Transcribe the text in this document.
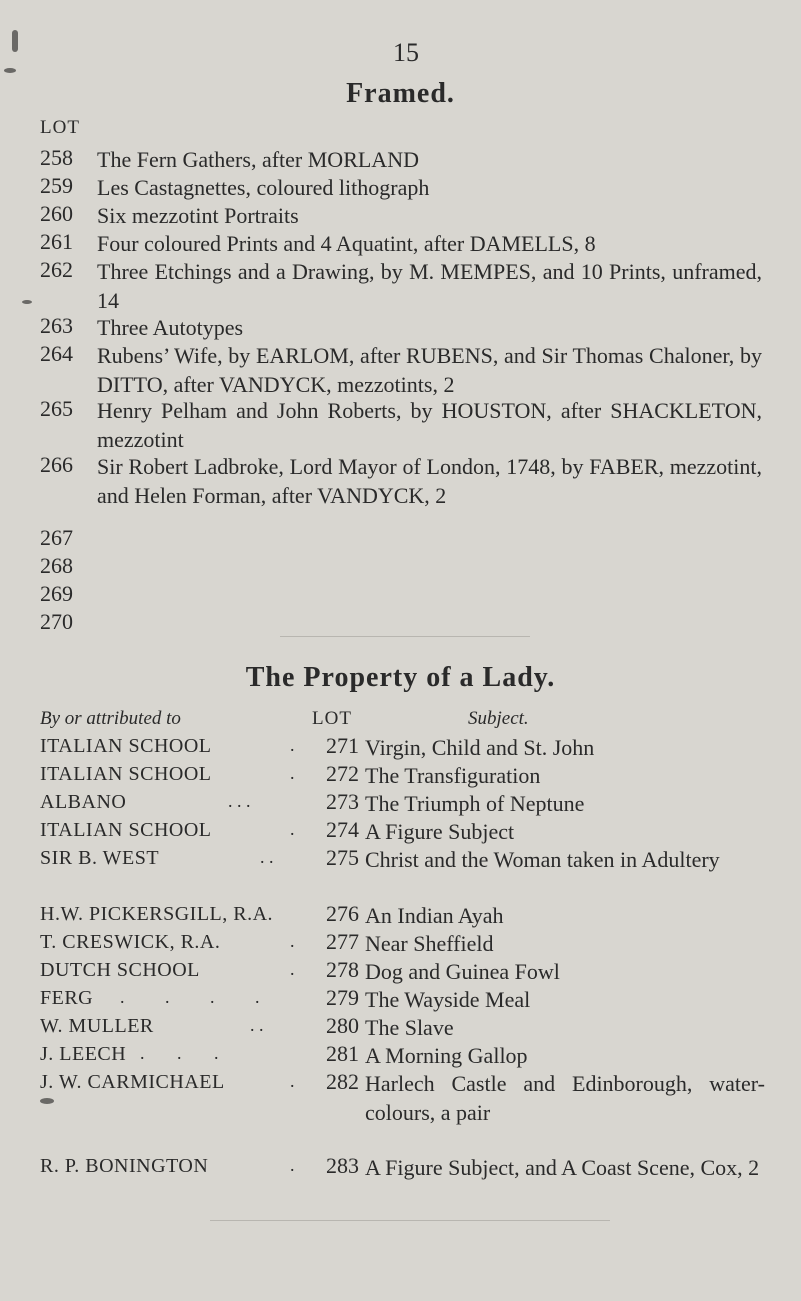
15
Framed.
LOT
258	The Fern Gathers, after MORLAND
259	Les Castagnettes, coloured lithograph
260	Six mezzotint Portraits
261	Four coloured Prints and 4 Aquatint, after DAMELLS, 8
262	Three Etchings and a Drawing, by M. MEMPES, and 10 Prints, unframed, 14
263	Three Autotypes
264	Rubens’ Wife, by EARLOM, after RUBENS, and Sir Thomas Chaloner, by DITTO, after VANDYCK, mezzotints, 2
265	Henry Pelham and John Roberts, by HOUSTON, after SHACKLETON, mezzotint
266	Sir Robert Ladbroke, Lord Mayor of London, 1748, by FABER, mezzotint, and Helen Forman, after VANDYCK, 2
267
268
269
270
The Property of a Lady.
By or attributed to	LOT	Subject.
ITALIAN SCHOOL	.	271 Virgin, Child and St. John
ITALIAN SCHOOL	.	272 The Transfiguration
ALBANO	. . .	273 The Triumph of Neptune
ITALIAN SCHOOL	.	274 A Figure Subject
SIR B. WEST	. .	275 Christ and the Woman taken in Adultery
H.W. PICKERSGILL, R.A.	276 An Indian Ayah
T. CRESWICK, R.A.	.	277 Near Sheffield
DUTCH SCHOOL	.	278 Dog and Guinea Fowl
FERG . . . .	279 The Wayside Meal
W. MULLER	. .	280 The Slave
J. LEECH . . .	281 A Morning Gallop
J. W. CARMICHAEL	.	282 Harlech Castle and Edinborough, water-colours, a pair
R. P. BONINGTON	.	283 A Figure Subject, and A Coast Scene, Cox, 2
